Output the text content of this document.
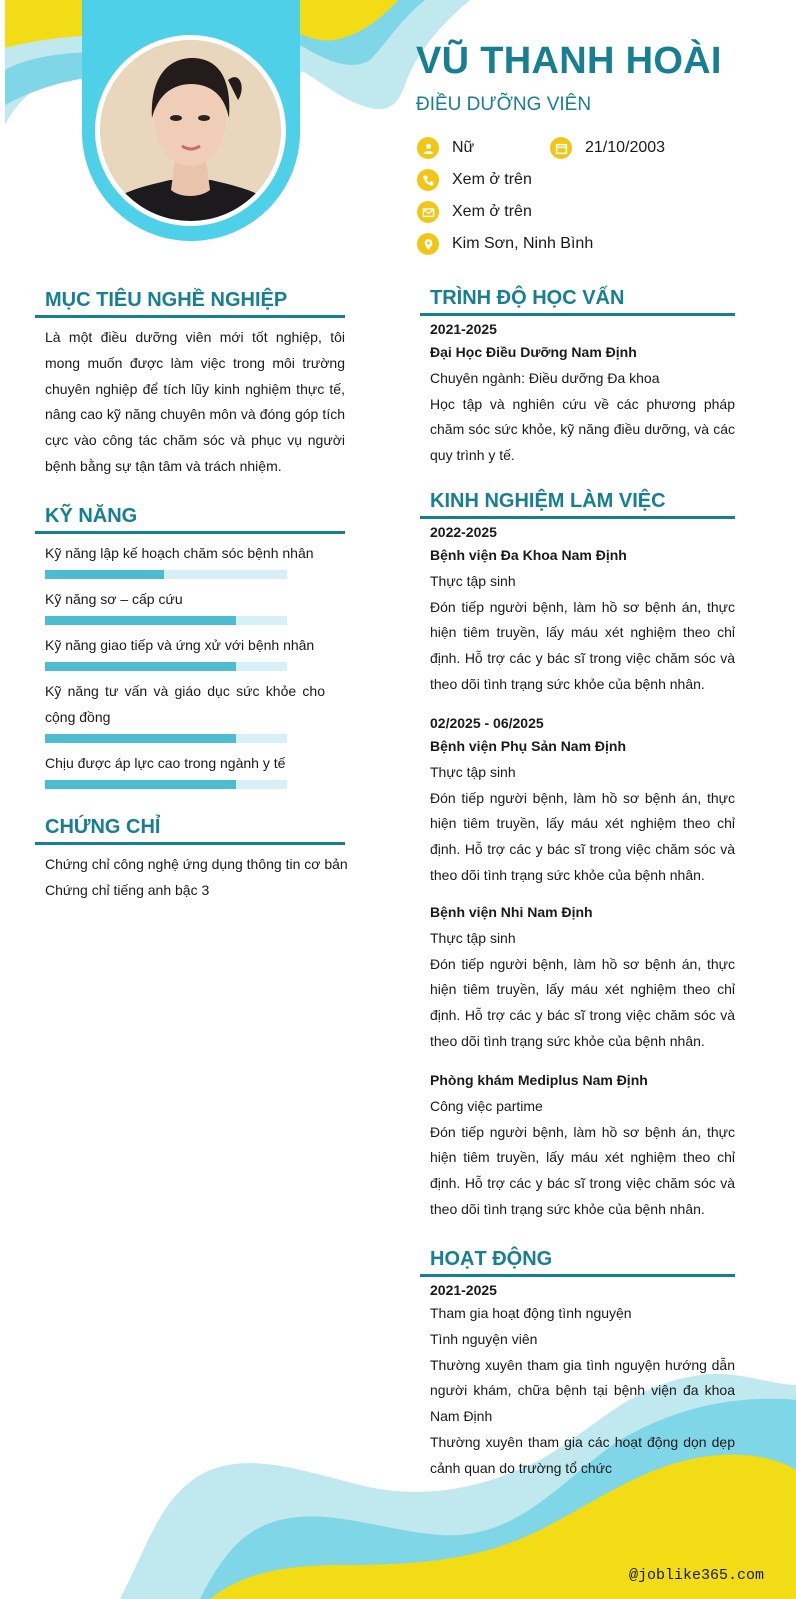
VŨ THANH HOÀI
ĐIỀU DƯỠNG VIÊN
Nữ	21/10/2003
Xem ở trên
Xem ở trên
Kim Sơn, Ninh Bình
MỤC TIÊU NGHỀ NGHIỆP
Là một điều dưỡng viên mới tốt nghiệp, tôi mong muốn được làm việc trong môi trường chuyên nghiệp để tích lũy kinh nghiệm thực tế, nâng cao kỹ năng chuyên môn và đóng góp tích cực vào công tác chăm sóc và phục vụ người bệnh bằng sự tận tâm và trách nhiệm.
KỸ NĂNG
Kỹ năng lập kế hoạch chăm sóc bệnh nhân
Kỹ năng sơ – cấp cứu
Kỹ năng giao tiếp và ứng xử với bệnh nhân
Kỹ năng tư vấn và giáo dục sức khỏe cho cộng đồng
Chịu được áp lực cao trong ngành y tế
CHỨNG CHỈ
Chứng chỉ công nghệ ứng dụng thông tin cơ bản
Chứng chỉ tiếng anh bậc 3
TRÌNH ĐỘ HỌC VẤN
2021-2025
Đại Học Điều Dưỡng Nam Định
Chuyên ngành: Điều dưỡng Đa khoa
Học tập và nghiên cứu về các phương pháp chăm sóc sức khỏe, kỹ năng điều dưỡng, và các quy trình y tế.
KINH NGHIỆM LÀM VIỆC
2022-2025
Bệnh viện Đa Khoa Nam Định
Thực tập sinh
Đón tiếp người bệnh, làm hồ sơ bệnh án, thực hiện tiêm truyền, lấy máu xét nghiệm theo chỉ định. Hỗ trợ các y bác sĩ trong việc chăm sóc và theo dõi tình trạng sức khỏe của bệnh nhân.
02/2025 - 06/2025
Bệnh viện Phụ Sản Nam Định
Thực tập sinh
Đón tiếp người bệnh, làm hồ sơ bệnh án, thực hiện tiêm truyền, lấy máu xét nghiệm theo chỉ định. Hỗ trợ các y bác sĩ trong việc chăm sóc và theo dõi tình trạng sức khỏe của bệnh nhân.
Bệnh viện Nhi Nam Định
Thực tập sinh
Đón tiếp người bệnh, làm hồ sơ bệnh án, thực hiện tiêm truyền, lấy máu xét nghiệm theo chỉ định. Hỗ trợ các y bác sĩ trong việc chăm sóc và theo dõi tình trạng sức khỏe của bệnh nhân.
Phòng khám Mediplus Nam Định
Công việc partime
Đón tiếp người bệnh, làm hồ sơ bệnh án, thực hiện tiêm truyền, lấy máu xét nghiệm theo chỉ định. Hỗ trợ các y bác sĩ trong việc chăm sóc và theo dõi tình trạng sức khỏe của bệnh nhân.
HOẠT ĐỘNG
2021-2025
Tham gia hoạt động tình nguyện
Tình nguyện viên
Thường xuyên tham gia tình nguyện hướng dẫn người khám, chữa bệnh tại bệnh viện đa khoa Nam Định
Thường xuyên tham gia các hoạt động dọn dẹp cảnh quan do trường tổ chức
@joblike365.com
